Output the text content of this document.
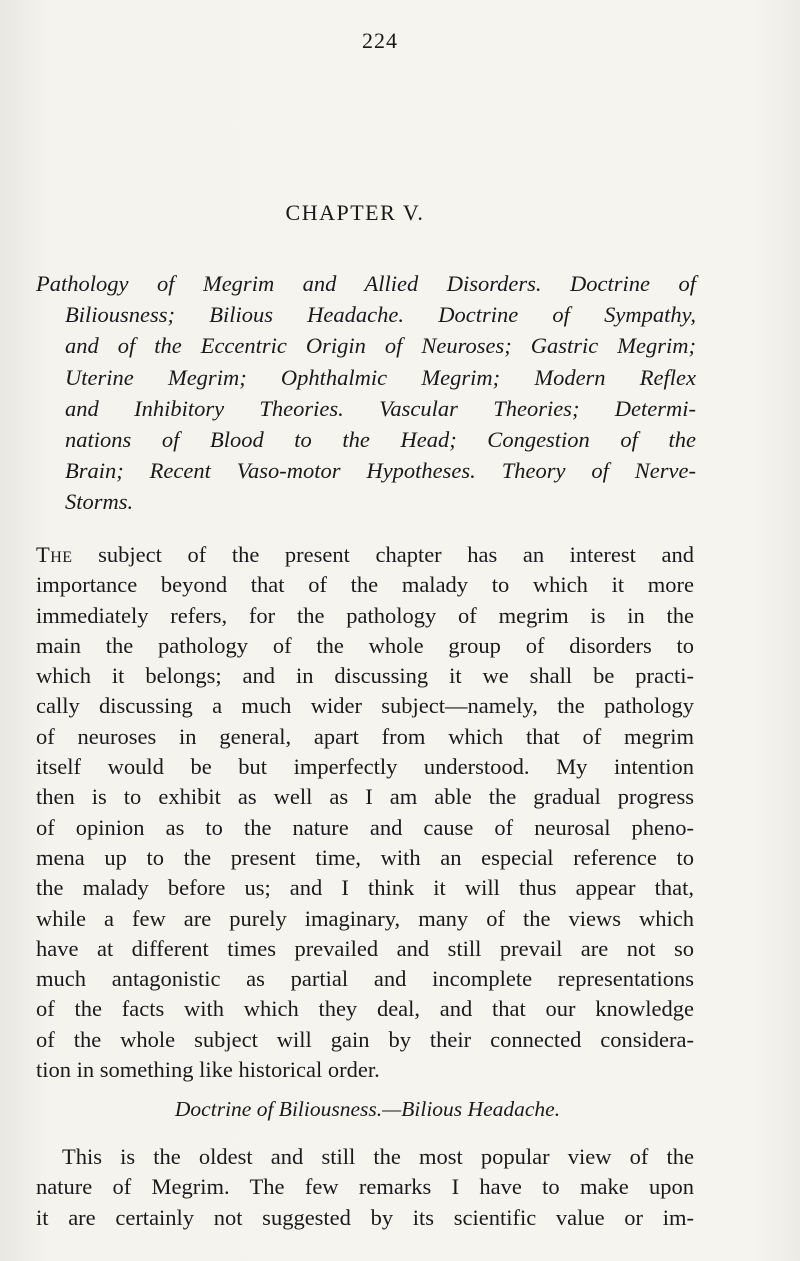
224
CHAPTER V.
Pathology of Megrim and Allied Disorders. Doctrine of
Biliousness; Bilious Headache. Doctrine of Sympathy,
and of the Eccentric Origin of Neuroses; Gastric Megrim;
Uterine Megrim; Ophthalmic Megrim; Modern Reflex
and Inhibitory Theories. Vascular Theories; Determi-
nations of Blood to the Head; Congestion of the
Brain; Recent Vaso-motor Hypotheses. Theory of Nerve-
Storms.
The subject of the present chapter has an interest and
importance beyond that of the malady to which it more
immediately refers, for the pathology of megrim is in the
main the pathology of the whole group of disorders to
which it belongs; and in discussing it we shall be practi-
cally discussing a much wider subject—namely, the pathology
of neuroses in general, apart from which that of megrim
itself would be but imperfectly understood. My intention
then is to exhibit as well as I am able the gradual progress
of opinion as to the nature and cause of neurosal pheno-
mena up to the present time, with an especial reference to
the malady before us; and I think it will thus appear that,
while a few are purely imaginary, many of the views which
have at different times prevailed and still prevail are not so
much antagonistic as partial and incomplete representations
of the facts with which they deal, and that our knowledge
of the whole subject will gain by their connected considera-
tion in something like historical order.
Doctrine of Biliousness.—Bilious Headache.
This is the oldest and still the most popular view of the
nature of Megrim. The few remarks I have to make upon
it are certainly not suggested by its scientific value or im-
